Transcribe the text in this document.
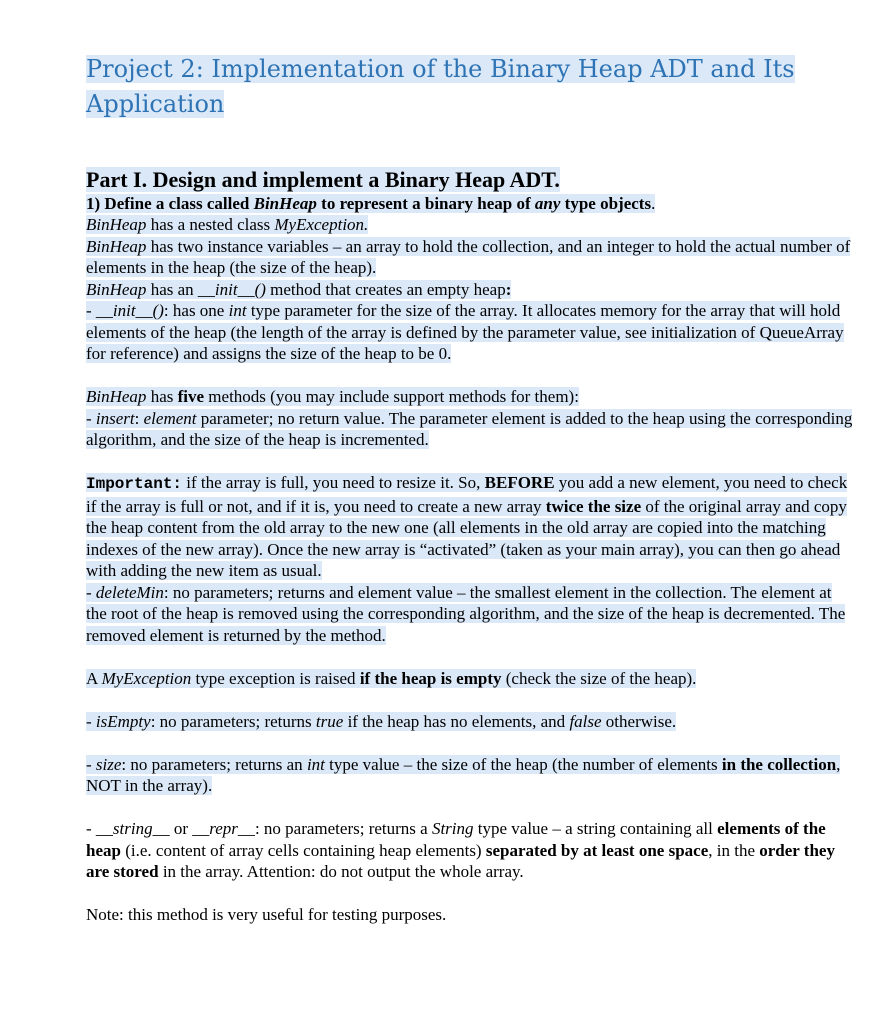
Project 2: Implementation of the Binary Heap ADT and Its
Application
Part I. Design and implement a Binary Heap ADT.
1) Define a class called BinHeap to represent a binary heap of any type objects.

BinHeap has a nested class MyException.

BinHeap has two instance variables – an array to hold the collection, and an integer to hold the actual number of elements in the heap (the size of the heap).

BinHeap has an __init__() method that creates an empty heap:

- __init__(): has one int type parameter for the size of the array. It allocates memory for the array that will hold elements of the heap (the length of the array is defined by the parameter value, see initialization of QueueArray for reference) and assigns the size of the heap to be 0.

BinHeap has five methods (you may include support methods for them):

- insert: element parameter; no return value. The parameter element is added to the heap using the corresponding algorithm, and the size of the heap is incremented.

Important: if the array is full, you need to resize it. So, BEFORE you add a new element, you need to check if the array is full or not, and if it is, you need to create a new array twice the size of the original array and copy the heap content from the old array to the new one (all elements in the old array are copied into the matching indexes of the new array). Once the new array is “activated” (taken as your main array), you can then go ahead with adding the new item as usual.

- deleteMin: no parameters; returns and element value – the smallest element in the collection. The element at the root of the heap is removed using the corresponding algorithm, and the size of the heap is decremented. The removed element is returned by the method.

A MyException type exception is raised if the heap is empty (check the size of the heap).

- isEmpty: no parameters; returns true if the heap has no elements, and false otherwise.

- size: no parameters; returns an int type value – the size of the heap (the number of elements in the collection, NOT in the array).

- __string__ or __repr__: no parameters; returns a String type value – a string containing all elements of the heap (i.e. content of array cells containing heap elements) separated by at least one space, in the order they are stored in the array. Attention: do not output the whole array.

Note: this method is very useful for testing purposes.
